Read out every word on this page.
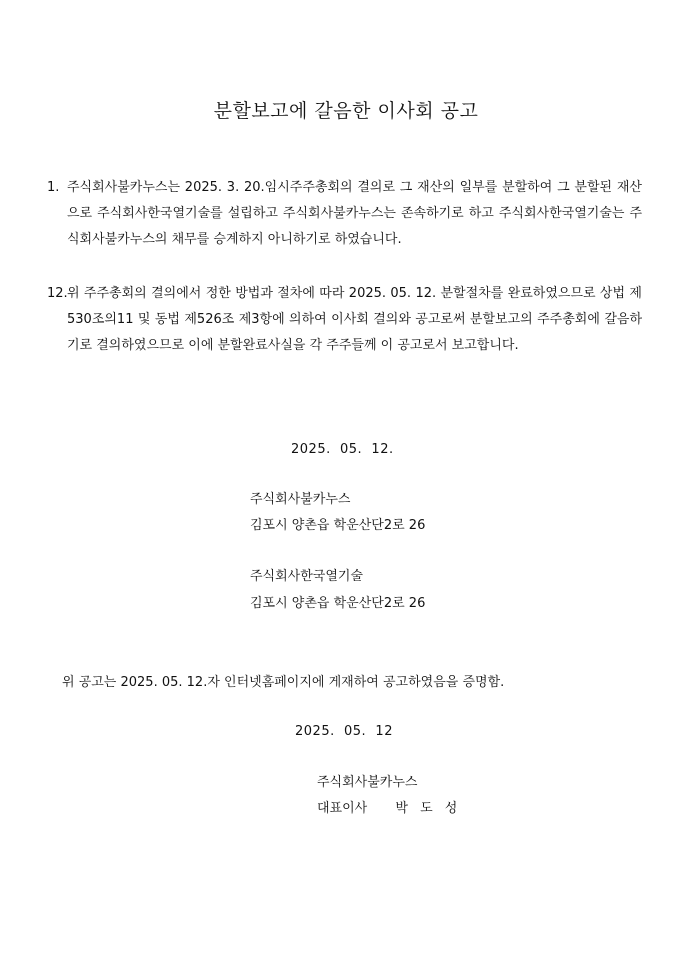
분할보고에 갈음한 이사회 공고
1. 주식회사불카누스는 2025. 3. 20.임시주주총회의 결의로 그 재산의 일부를 분할하여 그 분할된 재산으로 주식회사한국열기술를 설립하고 주식회사불카누스는 존속하기로 하고 주식회사한국열기술는 주식회사불카누스의 채무를 승계하지 아니하기로 하였습니다.
12. 위 주주총회의 결의에서 정한 방법과 절차에 따라 2025. 05. 12. 분할절차를 완료하였으므로 상법 제530조의11 및 동법 제526조 제3항에 의하여 이사회 결의와 공고로써 분할보고의 주주총회에 갈음하기로 결의하였으므로 이에 분할완료사실을 각 주주들께 이 공고로서 보고합니다.
2025.  05.  12.
주식회사불카누스
김포시 양촌읍 학운산단2로 26
주식회사한국열기술
김포시 양촌읍 학운산단2로 26
위 공고는 2025. 05. 12.자 인터넷홈페이지에 게재하여 공고하였음을 증명함.
2025.  05.  12
주식회사불카누스
대표이사 박 도 성
